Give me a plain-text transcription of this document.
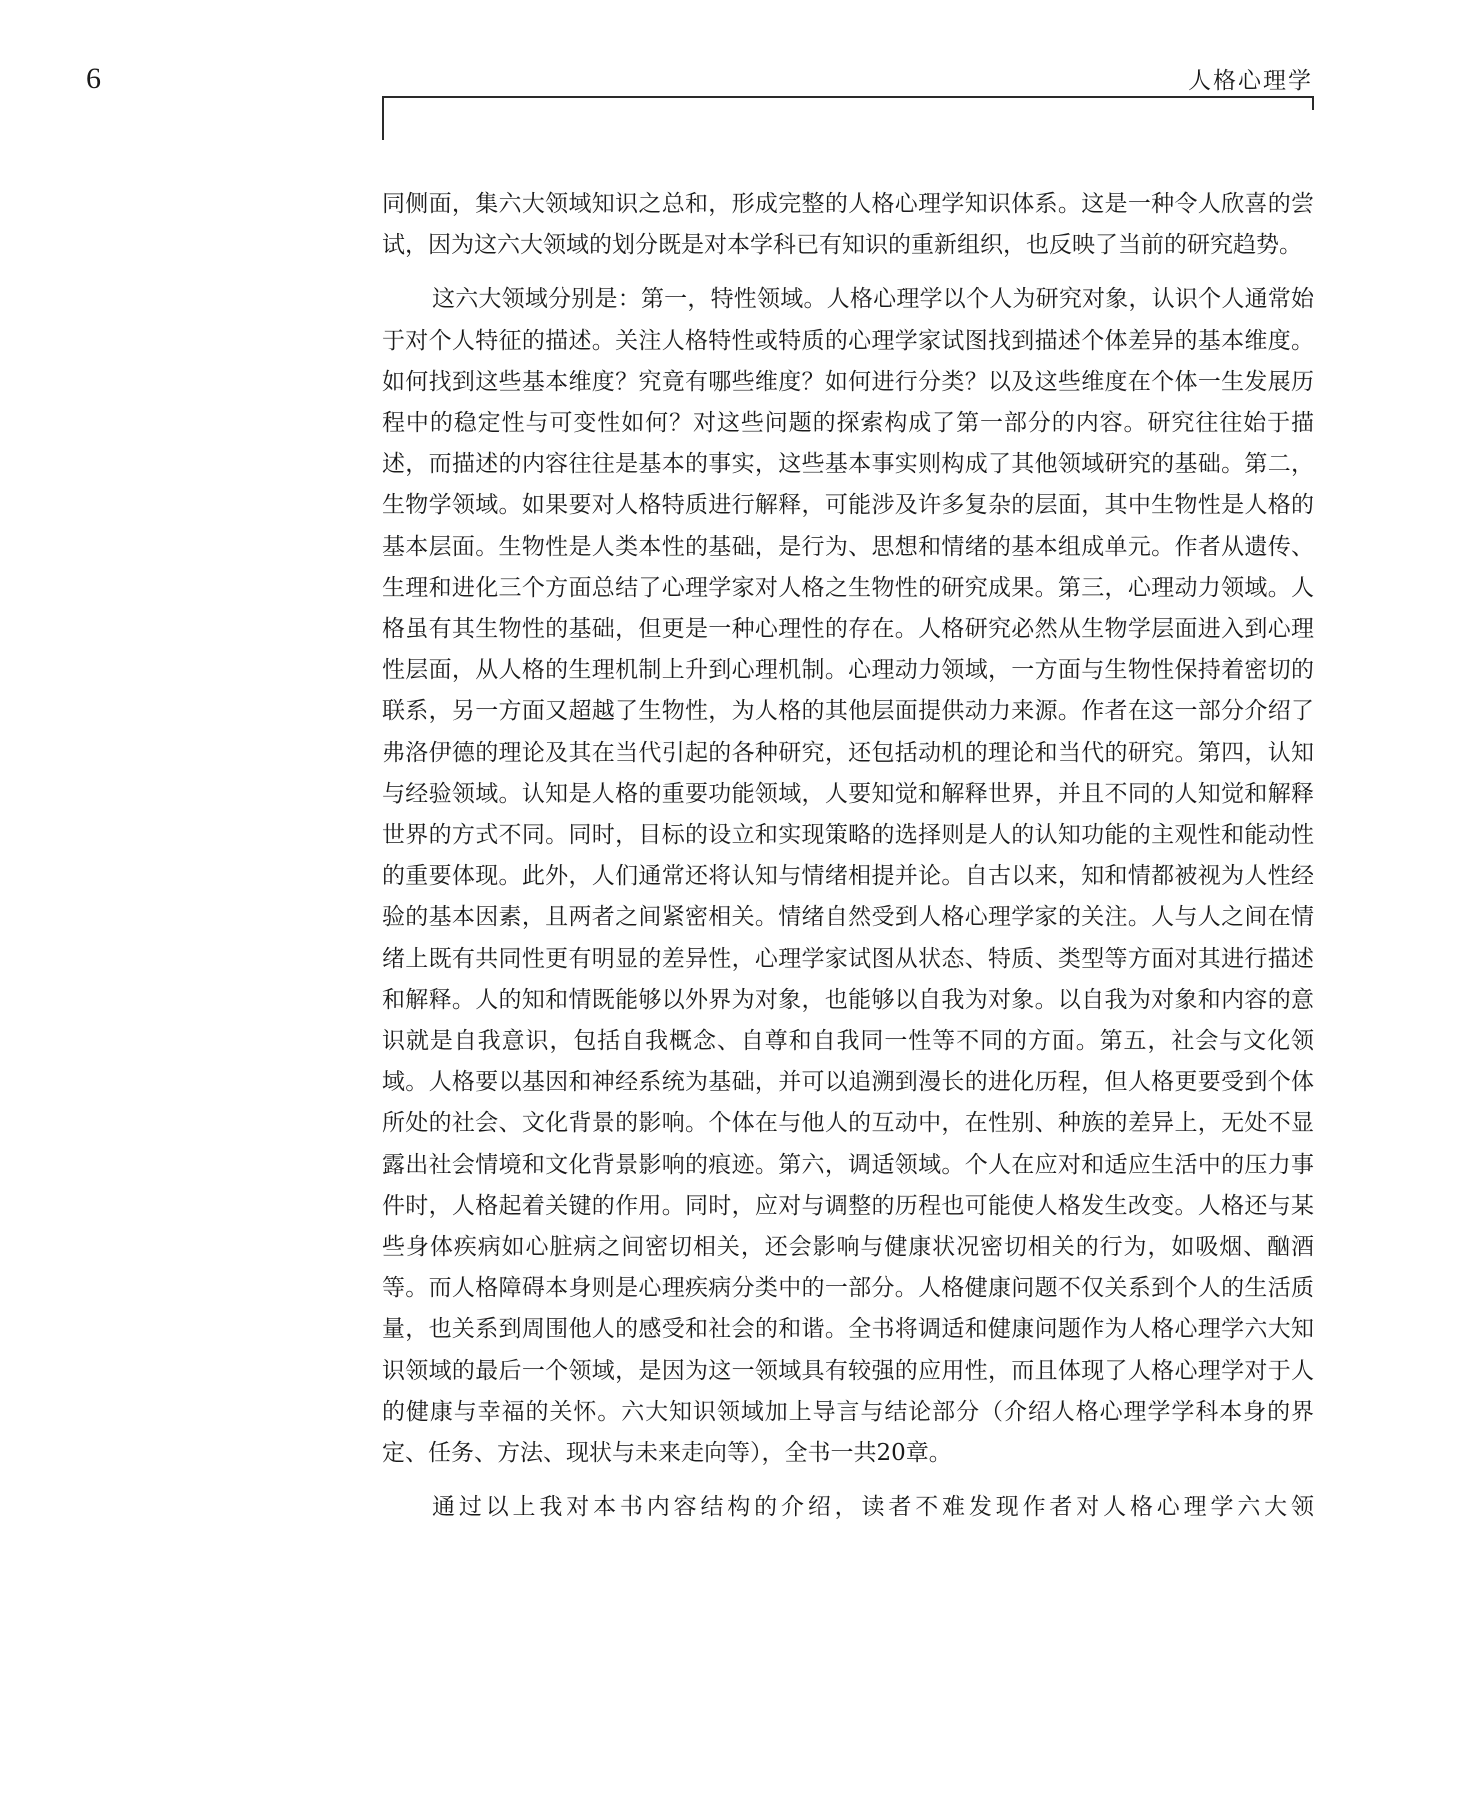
6	人格心理学

同侧面，集六大领域知识之总和，形成完整的人格心理学知识体系。这是一种令人欣喜的尝试，因为这六大领域的划分既是对本学科已有知识的重新组织，也反映了当前的研究趋势。

这六大领域分别是：第一，特性领域。人格心理学以个人为研究对象，认识个人通常始于对个人特征的描述。关注人格特性或特质的心理学家试图找到描述个体差异的基本维度。如何找到这些基本维度？究竟有哪些维度？如何进行分类？以及这些维度在个体一生发展历程中的稳定性与可变性如何？对这些问题的探索构成了第一部分的内容。研究往往始于描述，而描述的内容往往是基本的事实，这些基本事实则构成了其他领域研究的基础。第二，生物学领域。如果要对人格特质进行解释，可能涉及许多复杂的层面，其中生物性是人格的基本层面。生物性是人类本性的基础，是行为、思想和情绪的基本组成单元。作者从遗传、生理和进化三个方面总结了心理学家对人格之生物性的研究成果。第三，心理动力领域。人格虽有其生物性的基础，但更是一种心理性的存在。人格研究必然从生物学层面进入到心理性层面，从人格的生理机制上升到心理机制。心理动力领域，一方面与生物性保持着密切的联系，另一方面又超越了生物性，为人格的其他层面提供动力来源。作者在这一部分介绍了弗洛伊德的理论及其在当代引起的各种研究，还包括动机的理论和当代的研究。第四，认知与经验领域。认知是人格的重要功能领域，人要知觉和解释世界，并且不同的人知觉和解释世界的方式不同。同时，目标的设立和实现策略的选择则是人的认知功能的主观性和能动性的重要体现。此外，人们通常还将认知与情绪相提并论。自古以来，知和情都被视为人性经验的基本因素，且两者之间紧密相关。情绪自然受到人格心理学家的关注。人与人之间在情绪上既有共同性更有明显的差异性，心理学家试图从状态、特质、类型等方面对其进行描述和解释。人的知和情既能够以外界为对象，也能够以自我为对象。以自我为对象和内容的意识就是自我意识，包括自我概念、自尊和自我同一性等不同的方面。第五，社会与文化领域。人格要以基因和神经系统为基础，并可以追溯到漫长的进化历程，但人格更要受到个体所处的社会、文化背景的影响。个体在与他人的互动中，在性别、种族的差异上，无处不显露出社会情境和文化背景影响的痕迹。第六，调适领域。个人在应对和适应生活中的压力事件时，人格起着关键的作用。同时，应对与调整的历程也可能使人格发生改变。人格还与某些身体疾病如心脏病之间密切相关，还会影响与健康状况密切相关的行为，如吸烟、酗酒等。而人格障碍本身则是心理疾病分类中的一部分。人格健康问题不仅关系到个人的生活质量，也关系到周围他人的感受和社会的和谐。全书将调适和健康问题作为人格心理学六大知识领域的最后一个领域，是因为这一领域具有较强的应用性，而且体现了人格心理学对于人的健康与幸福的关怀。六大知识领域加上导言与结论部分（介绍人格心理学学科本身的界定、任务、方法、现状与未来走向等），全书一共20章。

通过以上我对本书内容结构的介绍，读者不难发现作者对人格心理学六大领
